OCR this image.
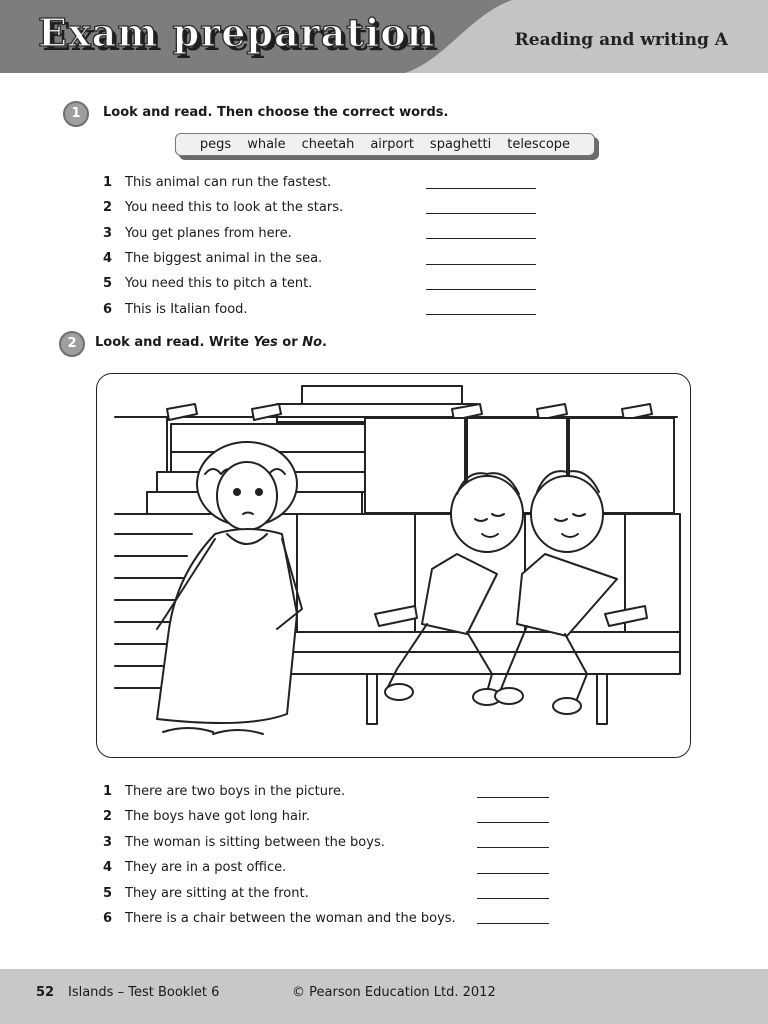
Exam preparation	Reading and writing A
1	Look and read. Then choose the correct words.

pegs whale cheetah airport spaghetti telescope
1 This animal can run the fastest.
2 You need this to look at the stars.
3 You get planes from here.
4 The biggest animal in the sea.
5 You need this to pitch a tent.
6 This is Italian food.
2	Look and read. Write Yes or No.

1 There are two boys in the picture.
2 The boys have got long hair.
3 The woman is sitting between the boys.
4 They are in a post office.
5 They are sitting at the front.
6 There is a chair between the woman and the boys.
52 Islands – Test Booklet 6	© Pearson Education Ltd. 2012
